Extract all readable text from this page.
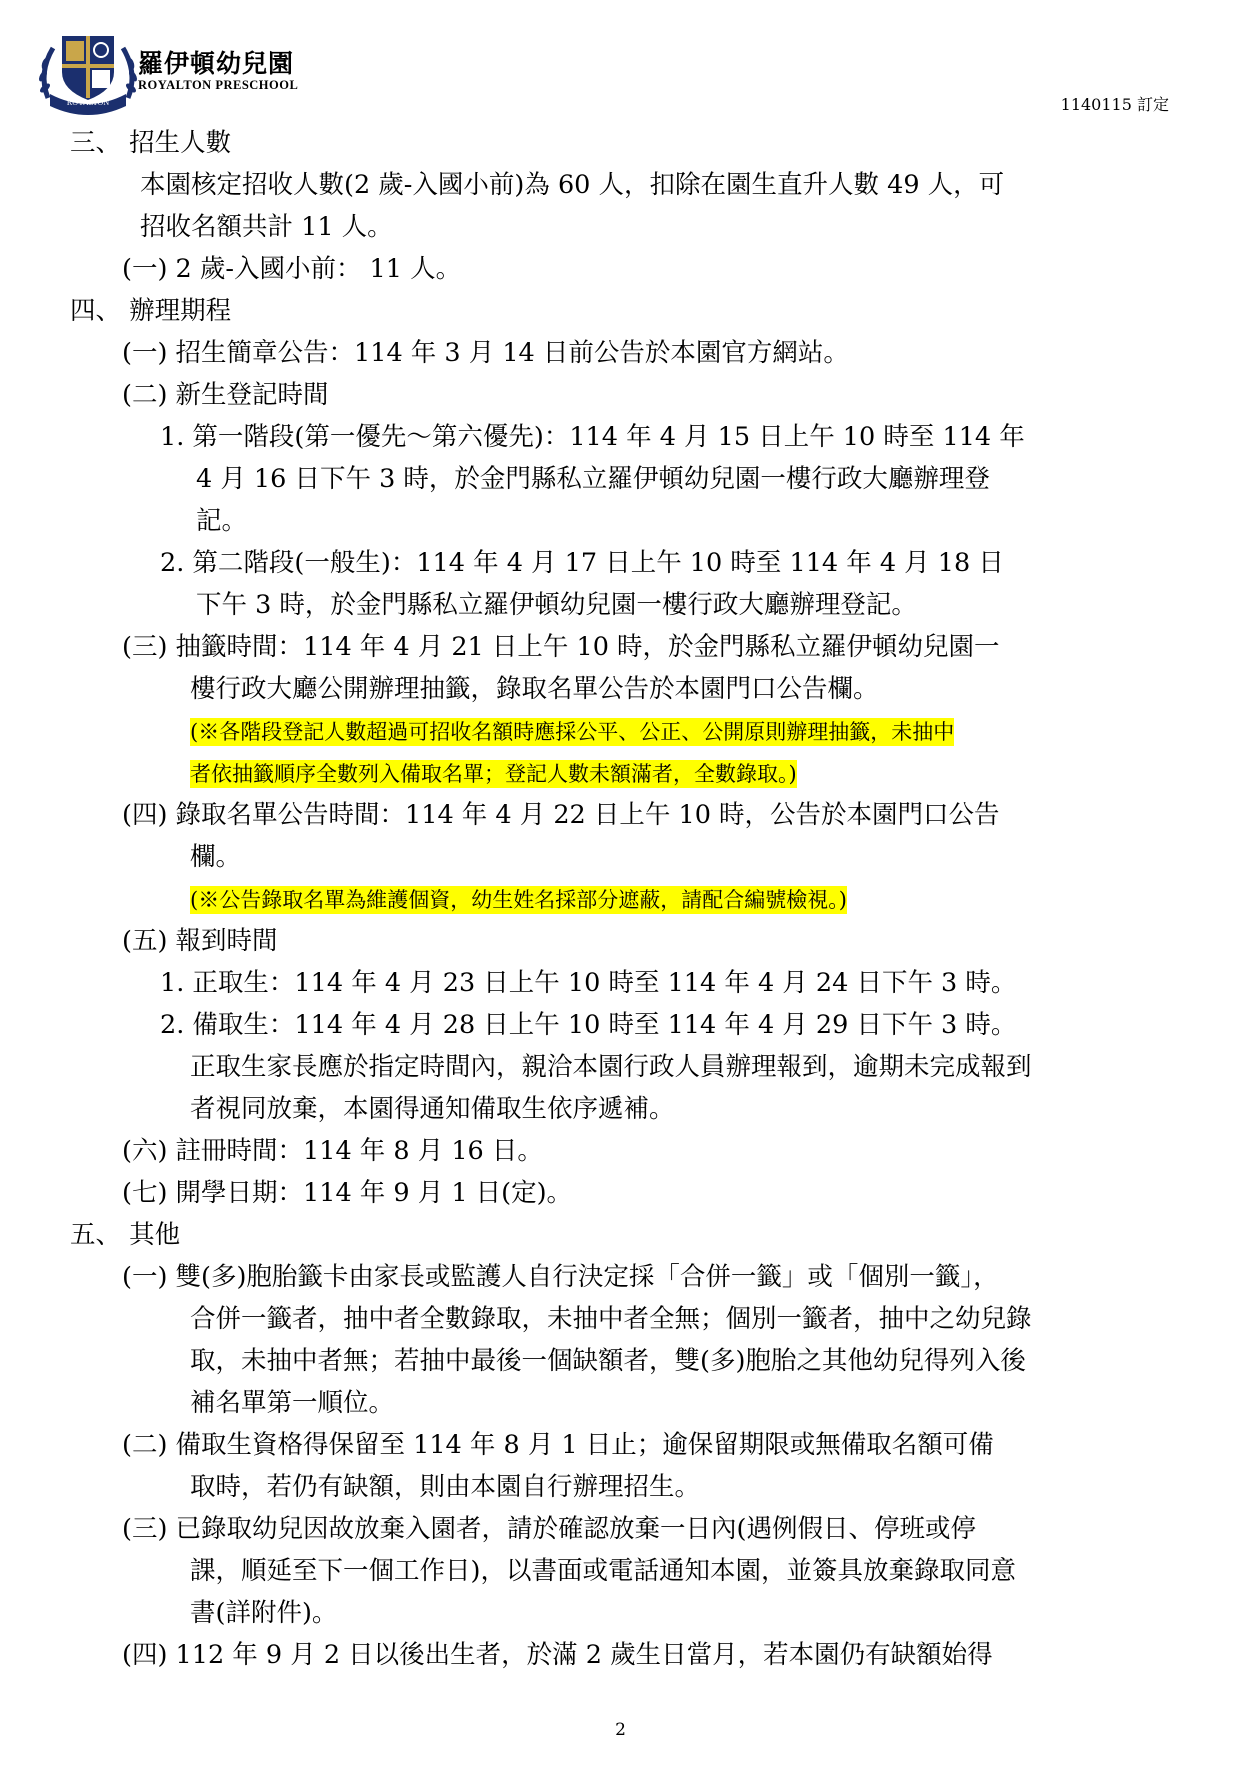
ROYALTON
羅伊頓幼兒園
ROYALTON PRESCHOOL
1140115 訂定
三、 招生人數
本園核定招收人數(2 歲-入國小前)為 60 人，扣除在園生直升人數 49 人，可
招收名額共計 11 人。
(一) 2 歲-入國小前： 11 人。
四、 辦理期程
(一) 招生簡章公告：114 年 3 月 14 日前公告於本園官方網站。
(二) 新生登記時間
1. 第一階段(第一優先～第六優先)：114 年 4 月 15 日上午 10 時至 114 年
4 月 16 日下午 3 時，於金門縣私立羅伊頓幼兒園一樓行政大廳辦理登
記。
2. 第二階段(一般生)：114 年 4 月 17 日上午 10 時至 114 年 4 月 18 日
下午 3 時，於金門縣私立羅伊頓幼兒園一樓行政大廳辦理登記。
(三) 抽籤時間：114 年 4 月 21 日上午 10 時，於金門縣私立羅伊頓幼兒園一
樓行政大廳公開辦理抽籤，錄取名單公告於本園門口公告欄。
(※各階段登記人數超過可招收名額時應採公平、公正、公開原則辦理抽籤，未抽中
者依抽籤順序全數列入備取名單；登記人數未額滿者，全數錄取。)
(四) 錄取名單公告時間：114 年 4 月 22 日上午 10 時，公告於本園門口公告
欄。
(※公告錄取名單為維護個資，幼生姓名採部分遮蔽，請配合編號檢視。)
(五) 報到時間
1. 正取生：114 年 4 月 23 日上午 10 時至 114 年 4 月 24 日下午 3 時。
2. 備取生：114 年 4 月 28 日上午 10 時至 114 年 4 月 29 日下午 3 時。
正取生家長應於指定時間內，親洽本園行政人員辦理報到，逾期未完成報到
者視同放棄，本園得通知備取生依序遞補。
(六) 註冊時間：114 年 8 月 16 日。
(七) 開學日期：114 年 9 月 1 日(定)。
五、 其他
(一) 雙(多)胞胎籤卡由家長或監護人自行決定採「合併一籤」或「個別一籤」，
合併一籤者，抽中者全數錄取，未抽中者全無；個別一籤者，抽中之幼兒錄
取，未抽中者無；若抽中最後一個缺額者，雙(多)胞胎之其他幼兒得列入後
補名單第一順位。
(二) 備取生資格得保留至 114 年 8 月 1 日止；逾保留期限或無備取名額可備
取時，若仍有缺額，則由本園自行辦理招生。
(三) 已錄取幼兒因故放棄入園者，請於確認放棄一日內(遇例假日、停班或停
課，順延至下一個工作日)，以書面或電話通知本園，並簽具放棄錄取同意
書(詳附件)。
(四) 112 年 9 月 2 日以後出生者，於滿 2 歲生日當月，若本園仍有缺額始得
2
